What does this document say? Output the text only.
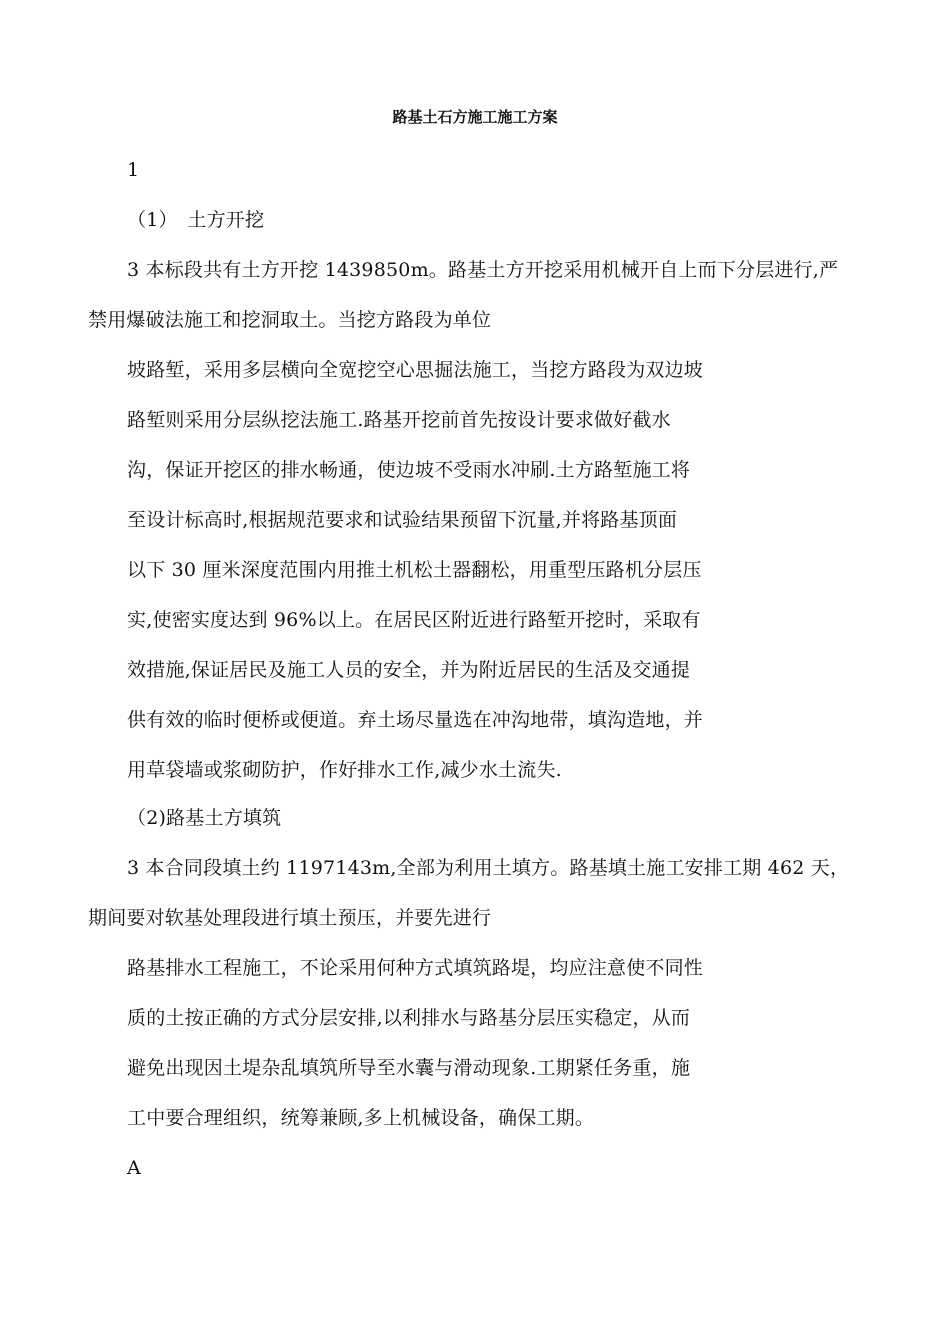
路基土石方施工施工方案
1
（1）　土方开挖
3 本标段共有土方开挖 1439850m。路基土方开挖采用机械开自上而下分层进行,严
禁用爆破法施工和挖洞取土。当挖方路段为单位
坡路堑，采用多层横向全宽挖空心思掘法施工，当挖方路段为双边坡
路堑则采用分层纵挖法施工.路基开挖前首先按设计要求做好截水
沟，保证开挖区的排水畅通，使边坡不受雨水冲刷.土方路堑施工将
至设计标高时,根据规范要求和试验结果预留下沉量,并将路基顶面
以下 30 厘米深度范围内用推土机松土器翻松，用重型压路机分层压
实,使密实度达到 96%以上。在居民区附近进行路堑开挖时，采取有
效措施,保证居民及施工人员的安全，并为附近居民的生活及交通提
供有效的临时便桥或便道。弃土场尽量选在冲沟地带，填沟造地，并
用草袋墙或浆砌防护，作好排水工作,减少水土流失.
（2)路基土方填筑
3 本合同段填土约 1197143m,全部为利用土填方。路基填土施工安排工期 462 天，
期间要对软基处理段进行填土预压，并要先进行
路基排水工程施工，不论采用何种方式填筑路堤，均应注意使不同性
质的土按正确的方式分层安排,以利排水与路基分层压实稳定，从而
避免出现因土堤杂乱填筑所导至水囊与滑动现象.工期紧任务重，施
工中要合理组织，统筹兼顾,多上机械设备，确保工期。
A
